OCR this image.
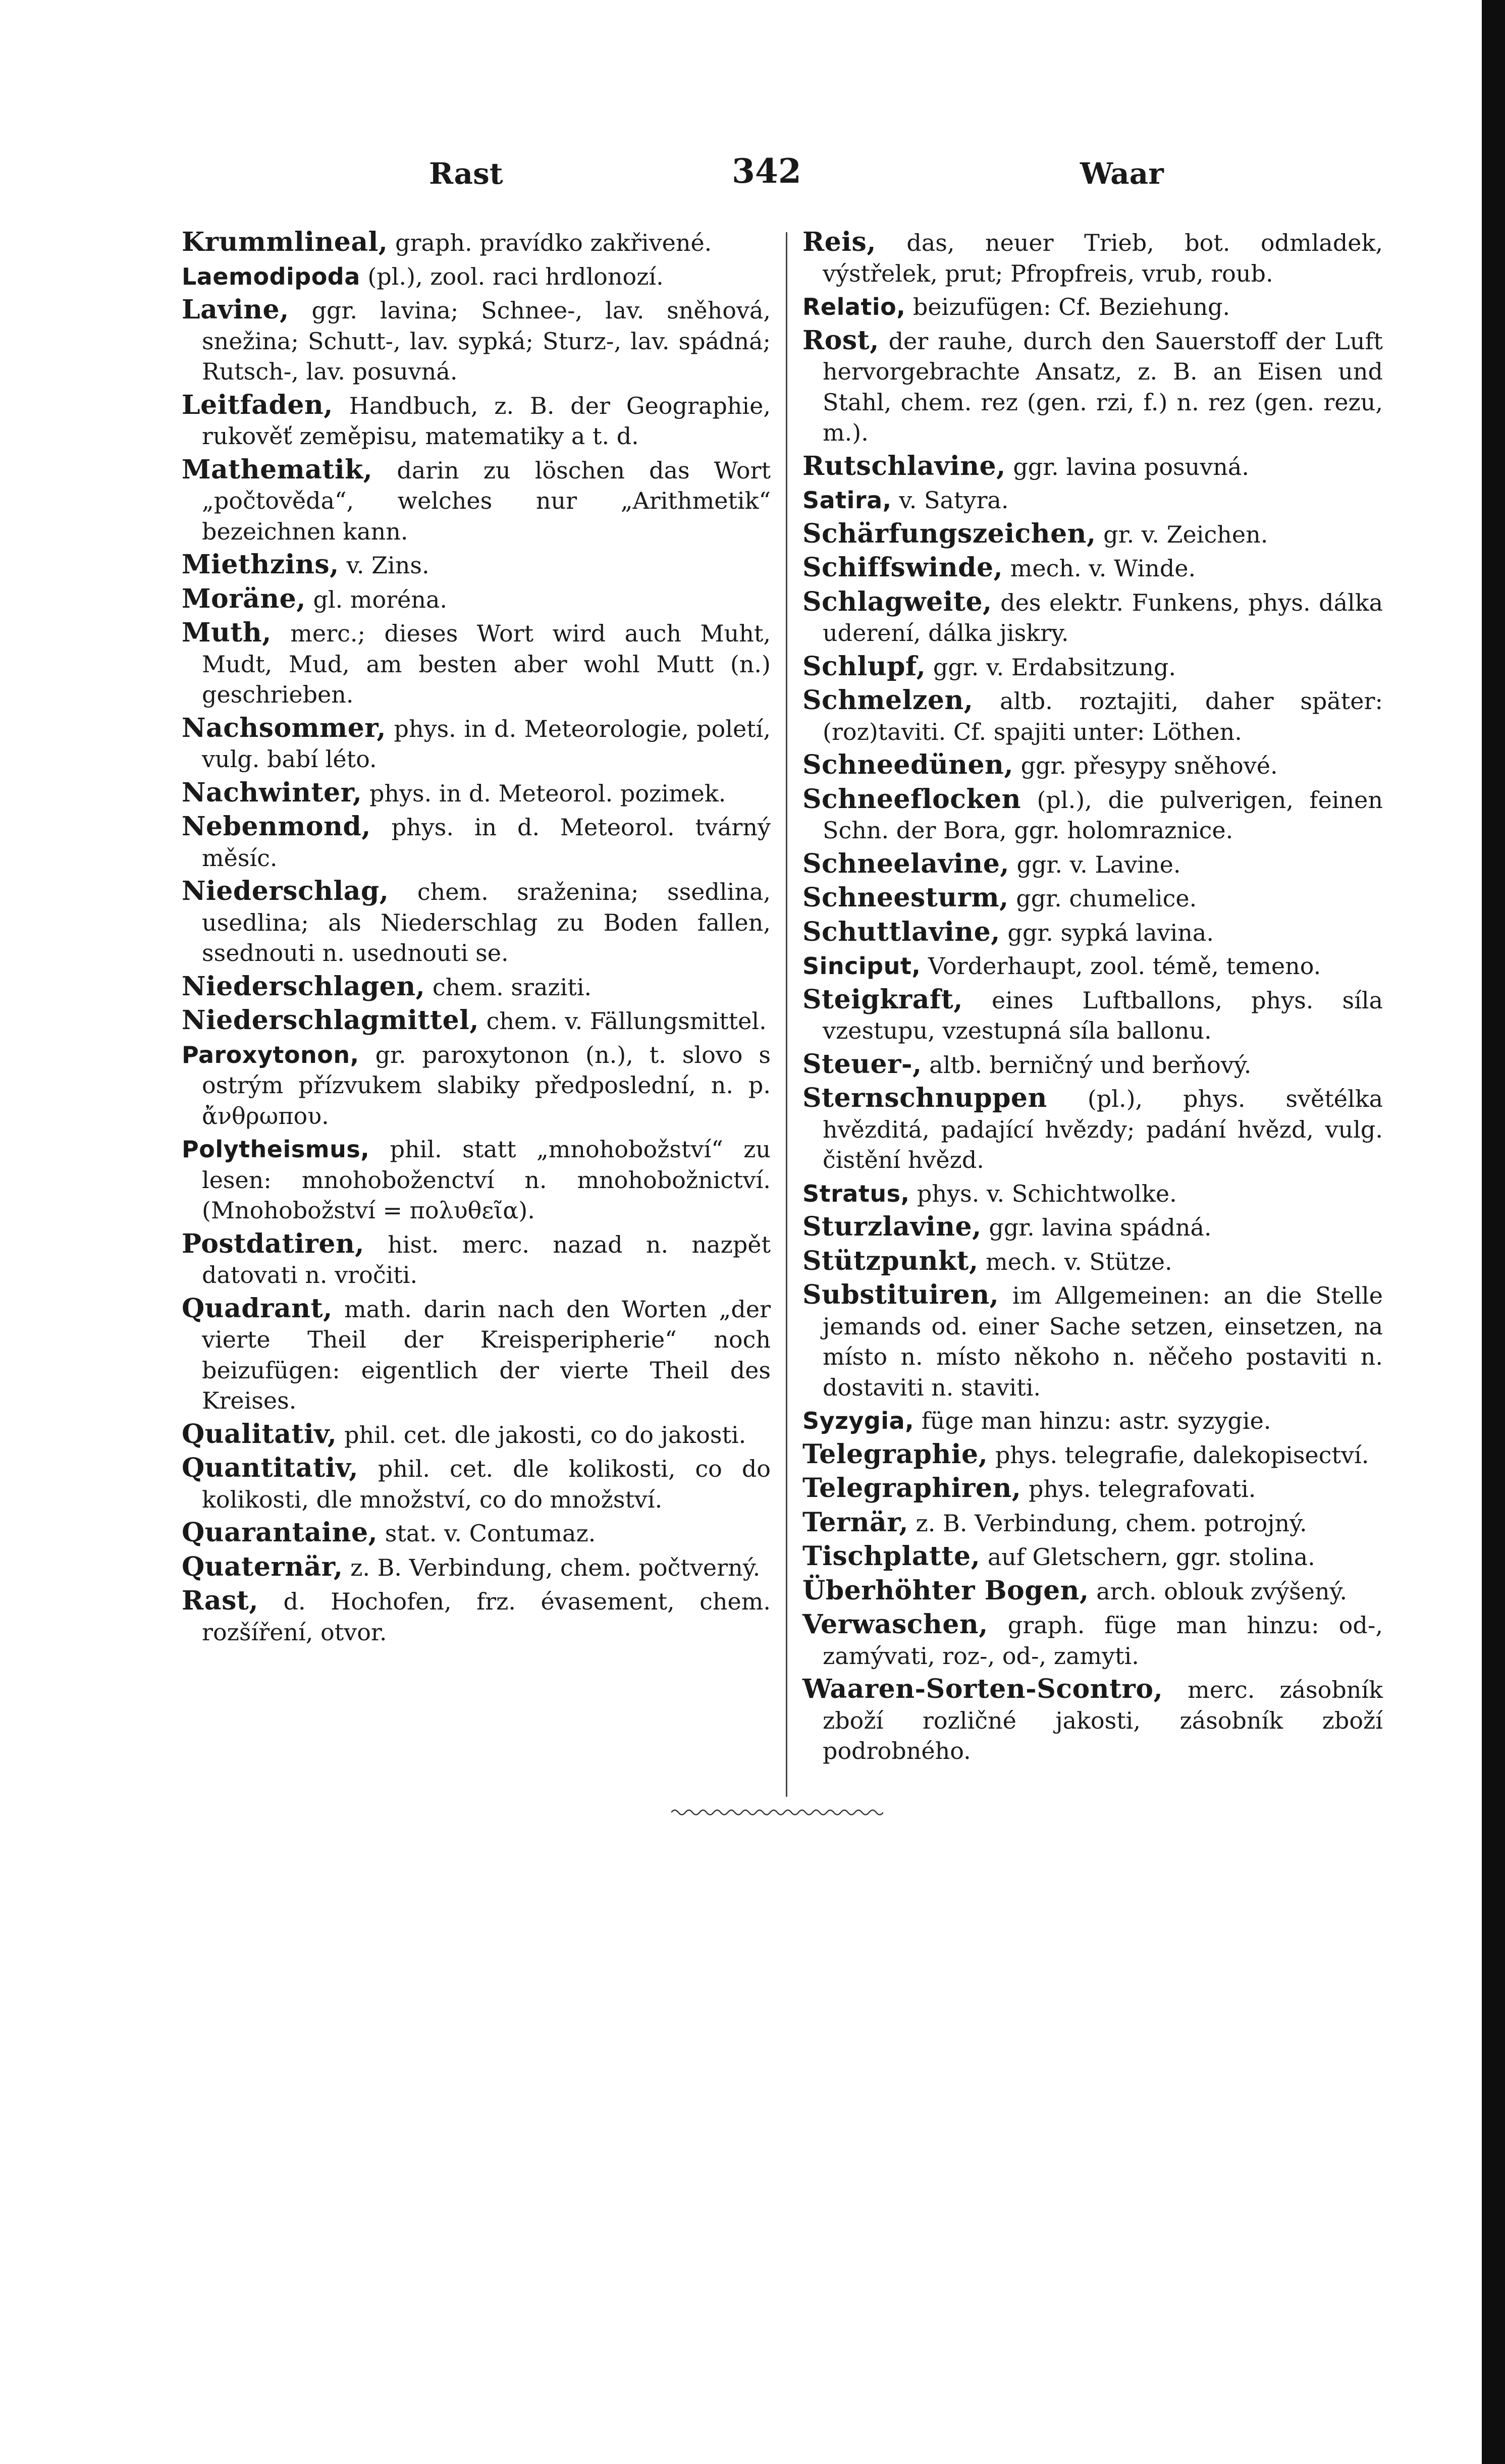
Rast	342	Waar
Krummlineal, graph. pravídko zakřivené.
Laemodipoda (pl.), zool. raci hrdlonozí.
Lavine, ggr. lavina; Schnee-, lav. sněhová, snežina; Schutt-, lav. sypká; Sturz-, lav. spádná; Rutsch-, lav. posuvná.
Leitfaden, Handbuch, z. B. der Geographie, rukověť zeměpisu, matematiky a t. d.
Mathematik, darin zu löschen das Wort „počtověda“, welches nur „Arithmetik“ bezeichnen kann.
Miethzins, v. Zins.
Moräne, gl. moréna.
Muth, merc.; dieses Wort wird auch Muht, Mudt, Mud, am besten aber wohl Mutt (n.) geschrieben.
Nachsommer, phys. in d. Meteorologie, poletí, vulg. babí léto.
Nachwinter, phys. in d. Meteorol. pozimek.
Nebenmond, phys. in d. Meteorol. tvárný měsíc.
Niederschlag, chem. sraženina; ssedlina, usedlina; als Niederschlag zu Boden fallen, ssednouti n. usednouti se.
Niederschlagen, chem. sraziti.
Niederschlagmittel, chem. v. Fällungsmittel.
Paroxytonon, gr. paroxytonon (n.), t. slovo s ostrým přízvukem slabiky předposlední, n. p. ἄνθρωπου.
Polytheismus, phil. statt „mnohobožství“ zu lesen: mnohoboženctví n. mnohobožnictví. (Mnohobožství = πολυθεῖα).
Postdatiren, hist. merc. nazad n. nazpět datovati n. vročiti.
Quadrant, math. darin nach den Worten „der vierte Theil der Kreisperipherie“ noch beizufügen: eigentlich der vierte Theil des Kreises.
Qualitativ, phil. cet. dle jakosti, co do jakosti.
Quantitativ, phil. cet. dle kolikosti, co do kolikosti, dle množství, co do množství.
Quarantaine, stat. v. Contumaz.
Quaternär, z. B. Verbindung, chem. počtverný.
Rast, d. Hochofen, frz. évasement, chem. rozšíření, otvor.
Reis, das, neuer Trieb, bot. odmladek, výstřelek, prut; Pfropfreis, vrub, roub.
Relatio, beizufügen: Cf. Beziehung.
Rost, der rauhe, durch den Sauerstoff der Luft hervorgebrachte Ansatz, z. B. an Eisen und Stahl, chem. rez (gen. rzi, f.) n. rez (gen. rezu, m.).
Rutschlavine, ggr. lavina posuvná.
Satira, v. Satyra.
Schärfungszeichen, gr. v. Zeichen.
Schiffswinde, mech. v. Winde.
Schlagweite, des elektr. Funkens, phys. dálka uderení, dálka jiskry.
Schlupf, ggr. v. Erdabsitzung.
Schmelzen, altb. roztajiti, daher später: (roz)taviti. Cf. spajiti unter: Löthen.
Schneedünen, ggr. přesypy sněhové.
Schneeflocken (pl.), die pulverigen, feinen Schn. der Bora, ggr. holomraznice.
Schneelavine, ggr. v. Lavine.
Schneesturm, ggr. chumelice.
Schuttlavine, ggr. sypká lavina.
Sinciput, Vorderhaupt, zool. témě, temeno.
Steigkraft, eines Luftballons, phys. síla vzestupu, vzestupná síla ballonu.
Steuer-, altb. berničný und berňový.
Sternschnuppen (pl.), phys. světélka hvězditá, padající hvězdy; padání hvězd, vulg. čistění hvězd.
Stratus, phys. v. Schichtwolke.
Sturzlavine, ggr. lavina spádná.
Stützpunkt, mech. v. Stütze.
Substituiren, im Allgemeinen: an die Stelle jemands od. einer Sache setzen, einsetzen, na místo n. místo někoho n. něčeho postaviti n. dostaviti n. staviti.
Syzygia, füge man hinzu: astr. syzygie.
Telegraphie, phys. telegrafie, dalekopisectví.
Telegraphiren, phys. telegrafovati.
Ternär, z. B. Verbindung, chem. potrojný.
Tischplatte, auf Gletschern, ggr. stolina.
Überhöhter Bogen, arch. oblouk zvýšený.
Verwaschen, graph. füge man hinzu: od-, zamývati, roz-, od-, zamyti.
Waaren-Sorten-Scontro, merc. zásobník zboží rozličné jakosti, zásobník zboží podrobného.
